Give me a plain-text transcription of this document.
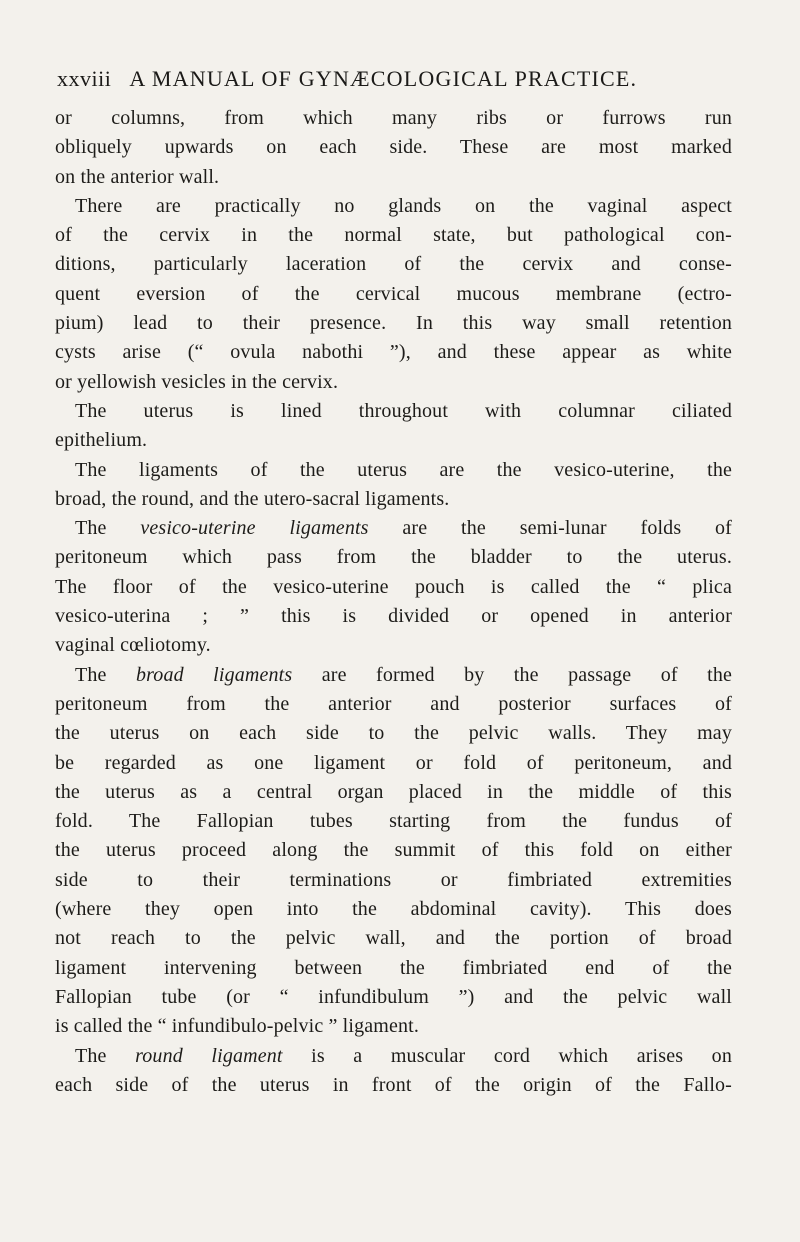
xxviii A MANUAL OF GYNÆCOLOGICAL PRACTICE.

or columns, from which many ribs or furrows run
obliquely upwards on each side. These are most marked
on the anterior wall.

There are practically no glands on the vaginal aspect
of the cervix in the normal state, but pathological con-
ditions, particularly laceration of the cervix and conse-
quent eversion of the cervical mucous membrane (ectro-
pium) lead to their presence. In this way small retention
cysts arise (“ ovula nabothi ”), and these appear as white
or yellowish vesicles in the cervix.

The uterus is lined throughout with columnar ciliated
epithelium.

The ligaments of the uterus are the vesico-uterine, the
broad, the round, and the utero-sacral ligaments.

The vesico-uterine ligaments are the semi-lunar folds of
peritoneum which pass from the bladder to the uterus.
The floor of the vesico-uterine pouch is called the “ plica
vesico-uterina ; ” this is divided or opened in anterior
vaginal cœliotomy.

The broad ligaments are formed by the passage of the
peritoneum from the anterior and posterior surfaces of
the uterus on each side to the pelvic walls. They may
be regarded as one ligament or fold of peritoneum, and
the uterus as a central organ placed in the middle of this
fold. The Fallopian tubes starting from the fundus of
the uterus proceed along the summit of this fold on either
side to their terminations or fimbriated extremities
(where they open into the abdominal cavity). This does
not reach to the pelvic wall, and the portion of broad
ligament intervening between the fimbriated end of the
Fallopian tube (or “ infundibulum ”) and the pelvic wall
is called the “ infundibulo-pelvic ” ligament.

The round ligament is a muscular cord which arises on
each side of the uterus in front of the origin of the Fallo-
